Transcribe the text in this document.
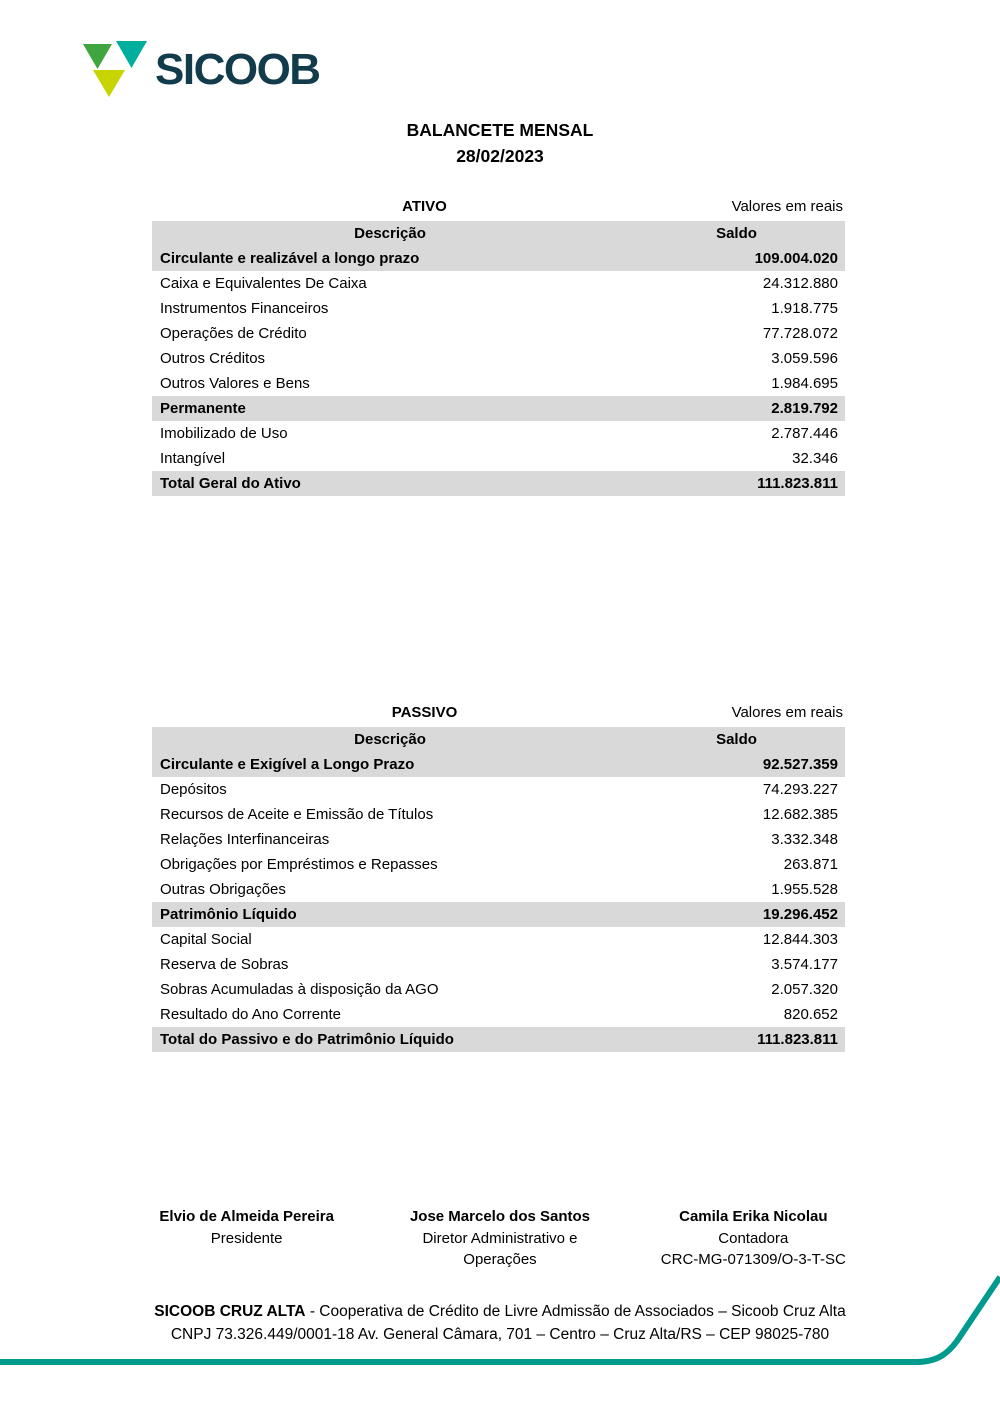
SICOOB
BALANCETE MENSAL
28/02/2023
ATIVO	Valores em reais
Descrição	Saldo
Circulante e realizável a longo prazo	109.004.020
Caixa e Equivalentes De Caixa	24.312.880
Instrumentos Financeiros	1.918.775
Operações de Crédito	77.728.072
Outros Créditos	3.059.596
Outros Valores e Bens	1.984.695
Permanente	2.819.792
Imobilizado de Uso	2.787.446
Intangível	32.346
Total Geral do Ativo	111.823.811
PASSIVO	Valores em reais
Descrição	Saldo
Circulante e Exigível a Longo Prazo	92.527.359
Depósitos	74.293.227
Recursos de Aceite e Emissão de Títulos	12.682.385
Relações Interfinanceiras	3.332.348
Obrigações por Empréstimos e Repasses	263.871
Outras Obrigações	1.955.528
Patrimônio Líquido	19.296.452
Capital Social	12.844.303
Reserva de Sobras	3.574.177
Sobras Acumuladas à disposição da AGO	2.057.320
Resultado do Ano Corrente	820.652
Total do Passivo e do Patrimônio Líquido	111.823.811
Elvio de Almeida Pereira
Presidente
Jose Marcelo dos Santos
Diretor Administrativo e
Operações
Camila Erika Nicolau
Contadora
CRC-MG-071309/O-3-T-SC
SICOOB CRUZ ALTA - Cooperativa de Crédito de Livre Admissão de Associados – Sicoob Cruz Alta
CNPJ 73.326.449/0001-18 Av. General Câmara, 701 – Centro – Cruz Alta/RS – CEP 98025-780
